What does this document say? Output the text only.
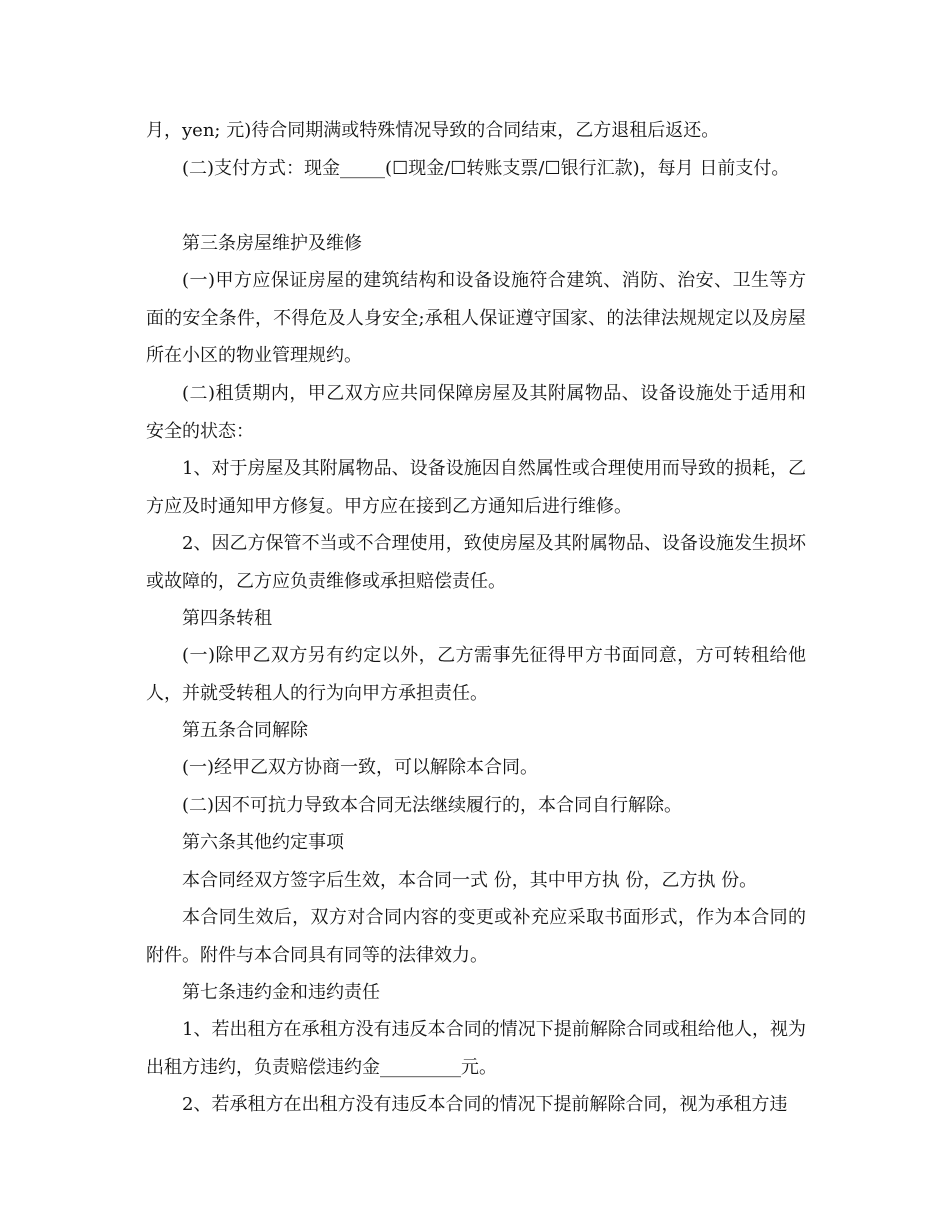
月，yen; 元)待合同期满或特殊情况导致的合同结束，乙方退租后返还。

(二)支付方式：现金_____(☐现金/☐转账支票/☐银行汇款)，每月 日前支付。

第三条房屋维护及维修

(一)甲方应保证房屋的建筑结构和设备设施符合建筑、消防、治安、卫生等方面的安全条件，不得危及人身安全;承租人保证遵守国家、的法律法规规定以及房屋所在小区的物业管理规约。

(二)租赁期内，甲乙双方应共同保障房屋及其附属物品、设备设施处于适用和安全的状态：

1、对于房屋及其附属物品、设备设施因自然属性或合理使用而导致的损耗，乙方应及时通知甲方修复。甲方应在接到乙方通知后进行维修。

2、因乙方保管不当或不合理使用，致使房屋及其附属物品、设备设施发生损坏或故障的，乙方应负责维修或承担赔偿责任。

第四条转租

(一)除甲乙双方另有约定以外，乙方需事先征得甲方书面同意，方可转租给他人，并就受转租人的行为向甲方承担责任。

第五条合同解除

(一)经甲乙双方协商一致，可以解除本合同。

(二)因不可抗力导致本合同无法继续履行的，本合同自行解除。

第六条其他约定事项

本合同经双方签字后生效，本合同一式 份，其中甲方执 份，乙方执 份。

本合同生效后，双方对合同内容的变更或补充应采取书面形式，作为本合同的附件。附件与本合同具有同等的法律效力。

第七条违约金和违约责任

1、若出租方在承租方没有违反本合同的情况下提前解除合同或租给他人，视为出租方违约，负责赔偿违约金_________元。

2、若承租方在出租方没有违反本合同的情况下提前解除合同，视为承租方违
